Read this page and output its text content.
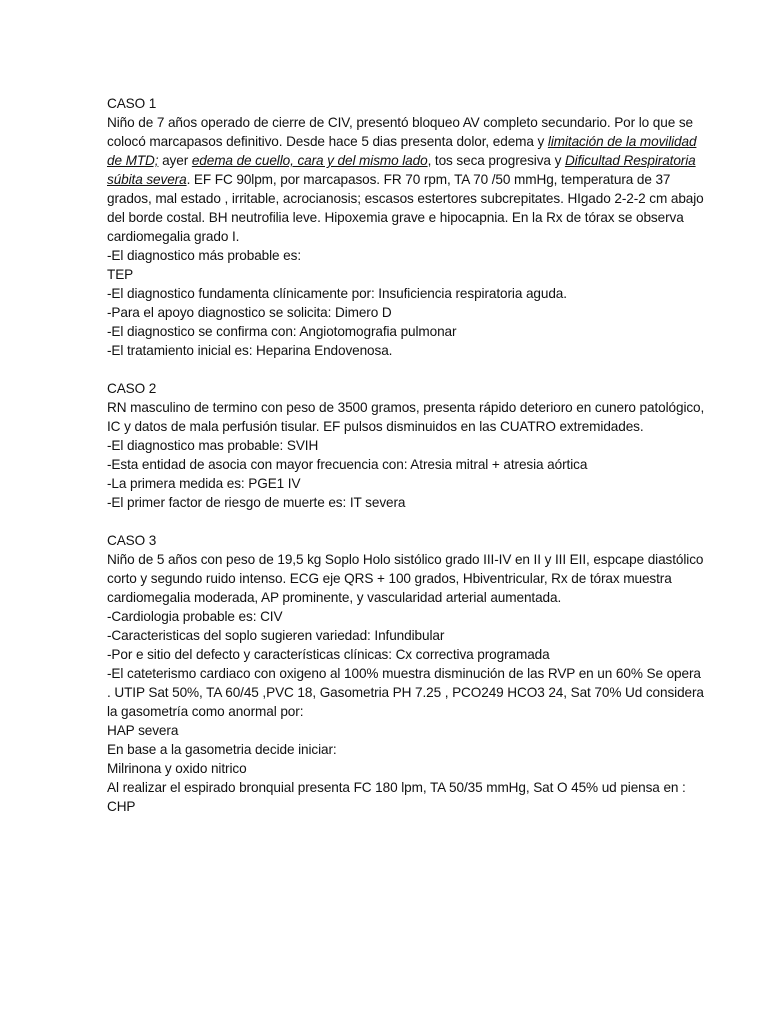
CASO 1

Niño de 7 años operado de cierre de CIV, presentó bloqueo AV completo secundario. Por lo que se colocó marcapasos definitivo. Desde hace 5 dias presenta dolor, edema y limitación de la movilidad de MTD; ayer edema de cuello, cara y del mismo lado, tos seca progresiva y Dificultad Respiratoria súbita severa. EF FC 90lpm, por marcapasos. FR 70 rpm, TA 70 /50 mmHg, temperatura de 37 grados, mal estado , irritable, acrocianosis; escasos estertores subcrepitates. HIgado 2-2-2 cm abajo del borde costal. BH neutrofilia leve. Hipoxemia grave e hipocapnia. En la Rx de tórax se observa cardiomegalia grado I.

-El diagnostico más probable es:

TEP

-El diagnostico fundamenta clínicamente por: Insuficiencia respiratoria aguda.

-Para el apoyo diagnostico se solicita: Dimero D

-El diagnostico se confirma con: Angiotomografia pulmonar

-El tratamiento inicial es: Heparina Endovenosa.

CASO 2

RN masculino de termino con peso de 3500 gramos, presenta rápido deterioro en cunero patológico, IC y datos de mala perfusión tisular. EF pulsos disminuidos en las CUATRO extremidades.

-El diagnostico mas probable: SVIH

-Esta entidad de asocia con mayor frecuencia con: Atresia mitral + atresia aórtica

-La primera medida es: PGE1 IV

-El primer factor de riesgo de muerte es: IT severa

CASO 3

Niño de 5 años con peso de 19,5 kg Soplo Holo sistólico grado III-IV en II y III EII, espcape diastólico corto y segundo ruido intenso. ECG eje QRS + 100 grados, Hbiventricular, Rx de tórax muestra cardiomegalia moderada, AP prominente, y vascularidad arterial aumentada.

-Cardiologia probable es: CIV

-Caracteristicas del soplo sugieren variedad: Infundibular

-Por e sitio del defecto y características clínicas: Cx correctiva programada

-El cateterismo cardiaco con oxigeno al 100% muestra disminución de las RVP en un 60% Se opera . UTIP Sat 50%, TA 60/45 ,PVC 18, Gasometria PH 7.25 , PCO249 HCO3 24, Sat 70% Ud considera la gasometría como anormal por:

HAP severa

En base a la gasometria decide iniciar:

Milrinona y oxido nitrico

Al realizar el espirado bronquial presenta FC 180 lpm, TA 50/35 mmHg, Sat O 45% ud piensa en : CHP
